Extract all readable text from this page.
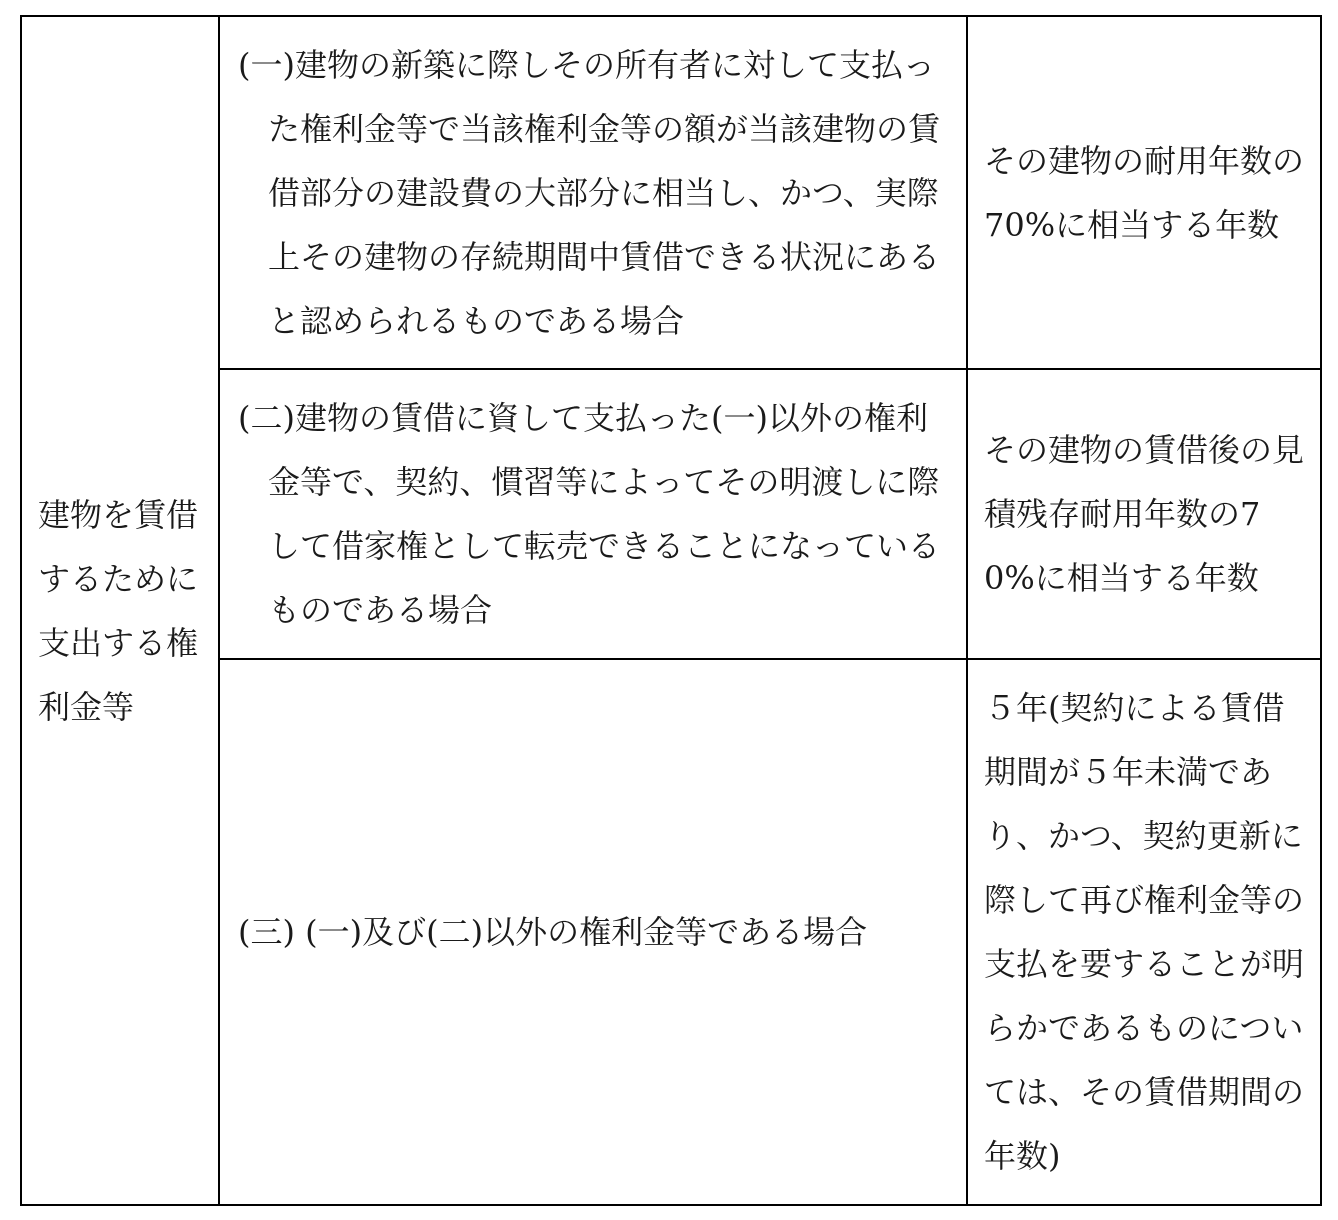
建物を賃借するために支出する権利金等	(一)建物の新築に際しその所有者に対して支払った権利金等で当該権利金等の額が当該建物の賃借部分の建設費の大部分に相当し、かつ、実際上その建物の存続期間中賃借できる状況にあると認められるものである場合	その建物の耐用年数の 70%に相当する年数

	(二)建物の賃借に資して支払った(一)以外の権利金等で、契約、慣習等によってその明渡しに際して借家権として転売できることになっているものである場合	その建物の賃借後の見積残存耐用年数の70%に相当する年数

	(三) (一)及び(二)以外の権利金等である場合	５年(契約による賃借期間が５年未満であり、かつ、契約更新に際して再び権利金等の支払を要することが明らかであるものについては、その賃借期間の年数)
